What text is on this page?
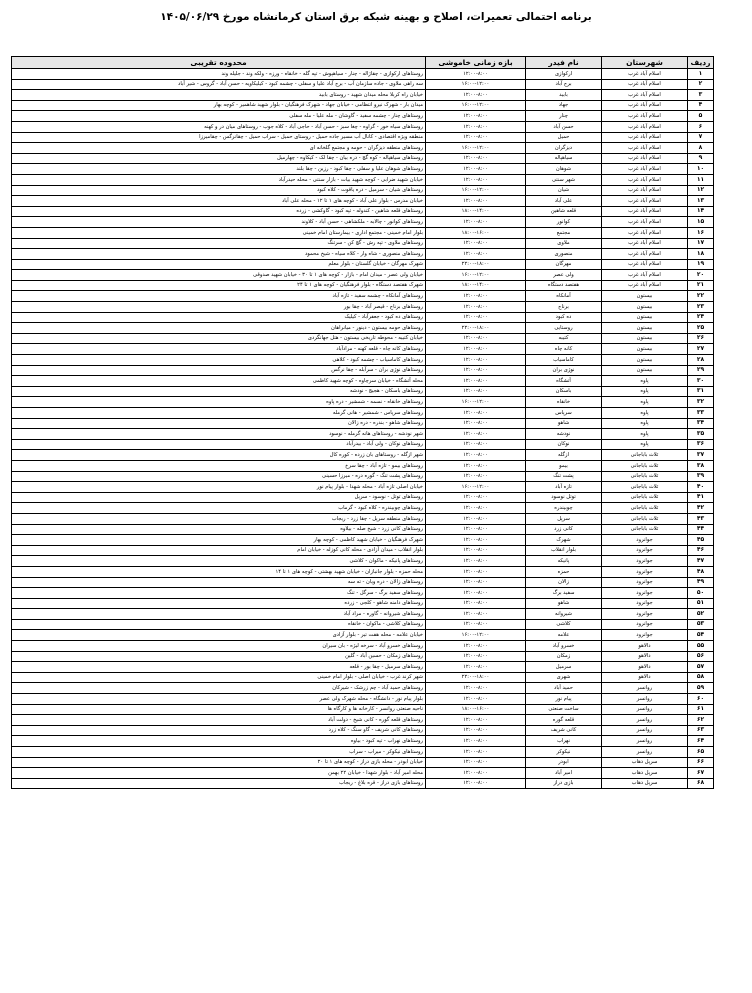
برنامه احتمالی تعمیرات، اصلاح و بهینه شبکه برق استان کرمانشاه مورخ ۱۴۰۵/۰۶/۲۹
ردیف	شهرستان	نام فیدر	بازه زمانی خاموشی	محدوده تقریبی
۱	اسلام آباد غرب	ارکوازی	۱۲:۰۰-۸:۰۰	روستاهای ارکوازی - چقاژاله - چنار - سیاهپوش - تپه گله - خانقاه - ورزه - ولکه وند - جلیله وند
۲	اسلام آباد غرب	برج آباد	۱۶:۰۰-۱۲:۰۰	سه راهی ملاوی - جاده سازمان آب - برج آباد علیا و سفلی - چشمه کبود - کیلیکاویه - حسن آباد - گروس - شیر آباد
۳	اسلام آباد غرب	بابید	۱۲:۰۰-۸:۰۰	خیابان راه کربلا محله میدان شهید - روستای بابید
۴	اسلام آباد غرب	جهاد	۱۶:۰۰-۱۲:۰۰	میدان بار - شهرک نیرو انتظامی - خیابان جهاد - شهرک فرهنگیان - بلوار شهید شاهمیر - کوچه بهار
۵	اسلام آباد غرب	چنار	۱۲:۰۰-۸:۰۰	روستاهای چنار - چشمه سفید - گاوشان - مله علیا - مله سفلی
۶	اسلام آباد غرب	حسن آباد	۱۲:۰۰-۸:۰۰	روستاهای سیاه خور - گراوه - چغا سبز - حسن آباد - حاجی آباد - کلاه جوب - روستاهای میان در و کهنه
۷	اسلام آباد غرب	حمیل	۱۲:۰۰-۸:۰۰	منطقه ویژه اقتصادی - کانال آب مسیر جاده حمیل - روستای حمیل - سراب حمیل - چقانرگس - چقامیرزا
۸	اسلام آباد غرب	دیزگران	۱۶:۰۰-۱۲:۰۰	روستاهای منطقه دیزگران - حومه و مجتمع گلخانه ای
۹	اسلام آباد غرب	سیاهپاله	۱۲:۰۰-۸:۰۰	روستاهای سیاهپاله - کوه گچ - دره بیان - چقا لک - کیکاوه - چهارمیل
۱۰	اسلام آباد غرب	شوهان	۱۲:۰۰-۸:۰۰	روستاهای شوهان علیا و سفلی - چقا کبود - رزین - چقا بلند
۱۱	اسلام آباد غرب	شهر سنتی	۱۲:۰۰-۸:۰۰	خیابان شهید ضرابی - کوچه شهید بیات - بازار سنتی - محله حیدرآباد
۱۲	اسلام آباد غرب	شیان	۱۶:۰۰-۱۲:۰۰	روستاهای شیان - سرمیل - دره یاقوت - کلاه کبود
۱۳	اسلام آباد غرب	علی آباد	۱۲:۰۰-۸:۰۰	خیابان مدرس - بلوار علی آباد - کوچه های ۱ تا ۱۲ - محله علی آباد
۱۴	اسلام آباد غرب	قلعه شاهین	۱۸:۰۰-۱۴:۰۰	روستاهای قلعه شاهین - کندوله - تپه کبود - گاوکشی - زرده
۱۵	اسلام آباد غرب	کوانور	۱۲:۰۰-۸:۰۰	روستاهای کوانور - چالابه - ملکشاهی - حسن آباد - کلاوند
۱۶	اسلام آباد غرب	مجتمع	۱۸:۰۰-۱۶:۰۰	بلوار امام خمینی - مجتمع اداری - بیمارستان امام خمینی
۱۷	اسلام آباد غرب	ملاوی	۱۲:۰۰-۸:۰۰	روستاهای ملاوی - تپه رش - گچ کن - سرتنگ
۱۸	اسلام آباد غرب	منصوری	۱۲:۰۰-۸:۰۰	روستاهای منصوری - شاه وار - کلاه سیاه - شیخ محمود
۱۹	اسلام آباد غرب	مهرگان	۲۲:۰۰-۱۸:۰۰	شهرک مهرگان - خیابان گلستان - بلوار معلم
۲۰	اسلام آباد غرب	ولی عصر	۱۶:۰۰-۱۲:۰۰	خیابان ولی عصر - میدان امام - بازار - کوچه های ۱ تا ۳۰ - خیابان شهید صدوقی
۲۱	اسلام آباد غرب	هفتصد دستگاه	۱۸:۰۰-۱۴:۰۰	شهرک هفتصد دستگاه - بلوار فرهنگیان - کوچه های ۱ تا ۲۴
۲۲	بیستون	آمانکاه	۱۲:۰۰-۸:۰۰	روستاهای آمانکاه - چشمه سفید - تازه آباد
۲۳	بیستون	برناج	۱۲:۰۰-۸:۰۰	روستاهای برناج - قیصر آباد - چقا بور
۲۴	بیستون	ده کبود	۱۲:۰۰-۸:۰۰	روستاهای ده کبود - جعفرآباد - کیلیک
۲۵	بیستون	روستایی	۲۲:۰۰-۱۸:۰۰	روستاهای حومه بیستون - دینور - میانراهان
۲۶	بیستون	کتیبه	۱۲:۰۰-۸:۰۰	خیابان کتیبه - محوطه تاریخی بیستون - هتل جهانگردی
۲۷	بیستون	کانه چاه	۱۲:۰۰-۸:۰۰	روستاهای کانه چاه - قلعه کهنه - مرادآباد
۲۸	بیستون	کاماسیاب	۱۲:۰۰-۸:۰۰	روستاهای کاماسیاب - چشمه کبود - کلاهی
۲۹	بیستون	نوژی بران	۱۲:۰۰-۸:۰۰	روستاهای نوژی بران - سرآبله - چقا نرگس
۳۰	پاوه	آتشگاه	۱۲:۰۰-۸:۰۰	محله آتشگاه - خیابان سرچاوه - کوچه شهید کاظمی
۳۱	پاوه	باسکان	۱۲:۰۰-۸:۰۰	روستاهای باسکان - هجیج - نودشه
۳۲	پاوه	خانقاه	۱۶:۰۰-۱۲:۰۰	روستاهای خانقاه - نسمه - شمشیر - دره پاوه
۳۳	پاوه	سرپاس	۱۲:۰۰-۸:۰۰	روستاهای سرپاس - شمشیر - هانی گرمله
۳۴	پاوه	شاهو	۱۲:۰۰-۸:۰۰	روستاهای شاهو - بندره - دره زالان
۳۵	پاوه	نودشه	۱۲:۰۰-۸:۰۰	شهر نودشه - روستاهای هانه گرمله - نوسود
۳۶	پاوه	نوکان	۱۲:۰۰-۸:۰۰	روستاهای نوکان - ولی آباد - بیدرآباد
۳۷	ثلاث باباجانی	ازگله	۱۲:۰۰-۸:۰۰	شهر ازگله - روستاهای بان زرده - کوره کال
۳۸	ثلاث باباجانی	بیمو	۱۲:۰۰-۸:۰۰	روستاهای بیمو - تازه آباد - چقا سرخ
۳۹	ثلاث باباجانی	پشت تنگ	۱۲:۰۰-۸:۰۰	روستاهای پشت تنگ - گوره دره - میرزا حسینی
۴۰	ثلاث باباجانی	تازه آباد	۱۶:۰۰-۱۲:۰۰	خیابان اصلی تازه آباد - محله شهدا - بلوار پیام نور
۴۱	ثلاث باباجانی	توتل نوسود	۱۲:۰۰-۸:۰۰	روستاهای توتل - نوسود - سرپل
۴۲	ثلاث باباجانی	چوبیندره	۱۲:۰۰-۸:۰۰	روستاهای چوبیندره - کلاه کبود - گرماب
۴۳	ثلاث باباجانی	سرپل	۱۲:۰۰-۸:۰۰	روستاهای منطقه سرپل - چقا زرد - ریجاب
۴۴	ثلاث باباجانی	کانی زرد	۱۲:۰۰-۸:۰۰	روستاهای کانی زرد - شیخ صله - بیلاوه
۴۵	جوانرود	شهرک	۱۲:۰۰-۸:۰۰	شهرک فرهنگیان - خیابان شهید کاظمی - کوچه بهار
۴۶	جوانرود	بلوار انقلاب	۱۲:۰۰-۸:۰۰	بلوار انقلاب - میدان آزادی - محله کانی کوزله - خیابان امام
۴۷	جوانرود	پانیکه	۱۲:۰۰-۸:۰۰	روستاهای پانیکه - ماکوان - کلاشی
۴۸	جوانرود	حمزه	۱۲:۰۰-۸:۰۰	محله حمزه - بلوار جانبازان - خیابان شهید بهشتی - کوچه های ۱ تا ۱۴
۴۹	جوانرود	زالان	۱۲:۰۰-۸:۰۰	روستاهای زالان - دره ویان - ته سه
۵۰	جوانرود	سفید برگ	۱۲:۰۰-۸:۰۰	روستاهای سفید برگ - سرگل - تنگ
۵۱	جوانرود	شاهو	۱۲:۰۰-۸:۰۰	روستاهای دامنه شاهو - کلجی - زرده
۵۲	جوانرود	شیروانه	۱۲:۰۰-۸:۰۰	روستاهای شیروانه - گاوره - مراد آباد
۵۳	جوانرود	کلاشی	۱۲:۰۰-۸:۰۰	روستاهای کلاشی - ماکوان - خانقاه
۵۴	جوانرود	علامه	۱۶:۰۰-۱۲:۰۰	خیابان علامه - محله هفت تیر - بلوار آزادی
۵۵	دالاهو	خسرو آباد	۱۲:۰۰-۸:۰۰	روستاهای خسرو آباد - سرخه لیژه - بان سیران
۵۶	دالاهو	زمکان	۱۲:۰۰-۸:۰۰	روستاهای زمکان - حسین آباد - گلین
۵۷	دالاهو	سرمیل	۱۲:۰۰-۸:۰۰	روستاهای سرمیل - چقا بور - قلعه
۵۸	دالاهو	شهری	۲۲:۰۰-۱۸:۰۰	شهر کرند غرب - خیابان اصلی - بلوار امام خمینی
۵۹	روانسر	حمید آباد	۱۲:۰۰-۸:۰۰	روستاهای حمید آباد - چم زرشک - شیرکان
۶۰	روانسر	پیام نور	۱۲:۰۰-۸:۰۰	بلوار پیام نور - دانشگاه - محله شهرک ولی عصر
۶۱	روانسر	ساخت صنعتی	۱۸:۰۰-۱۶:۰۰	ناحیه صنعتی روانسر - کارخانه ها و کارگاه ها
۶۲	روانسر	قلعه گوره	۱۲:۰۰-۸:۰۰	روستاهای قلعه گوره - کانی شیخ - دولت آباد
۶۳	روانسر	کانی شریف	۱۲:۰۰-۸:۰۰	روستاهای کانی شریف - گاو سنگ - کلاه زرد
۶۴	روانسر	نهراب	۱۲:۰۰-۸:۰۰	روستاهای نهراب - تپه کبود - بیاوه
۶۵	روانسر	نیکوکر	۱۲:۰۰-۸:۰۰	روستاهای نیکوکر - میراب - سراب
۶۶	سرپل ذهاب	ابوذر	۱۲:۰۰-۸:۰۰	خیابان ابوذر - محله بازی دراز - کوچه های ۱ تا ۲۰
۶۷	سرپل ذهاب	امیر آباد	۱۲:۰۰-۸:۰۰	محله امیر آباد - بلوار شهدا - خیابان ۲۲ بهمن
۶۸	سرپل ذهاب	بازی دراز	۱۲:۰۰-۸:۰۰	روستاهای بازی دراز - قره بلاغ - ریجاب
